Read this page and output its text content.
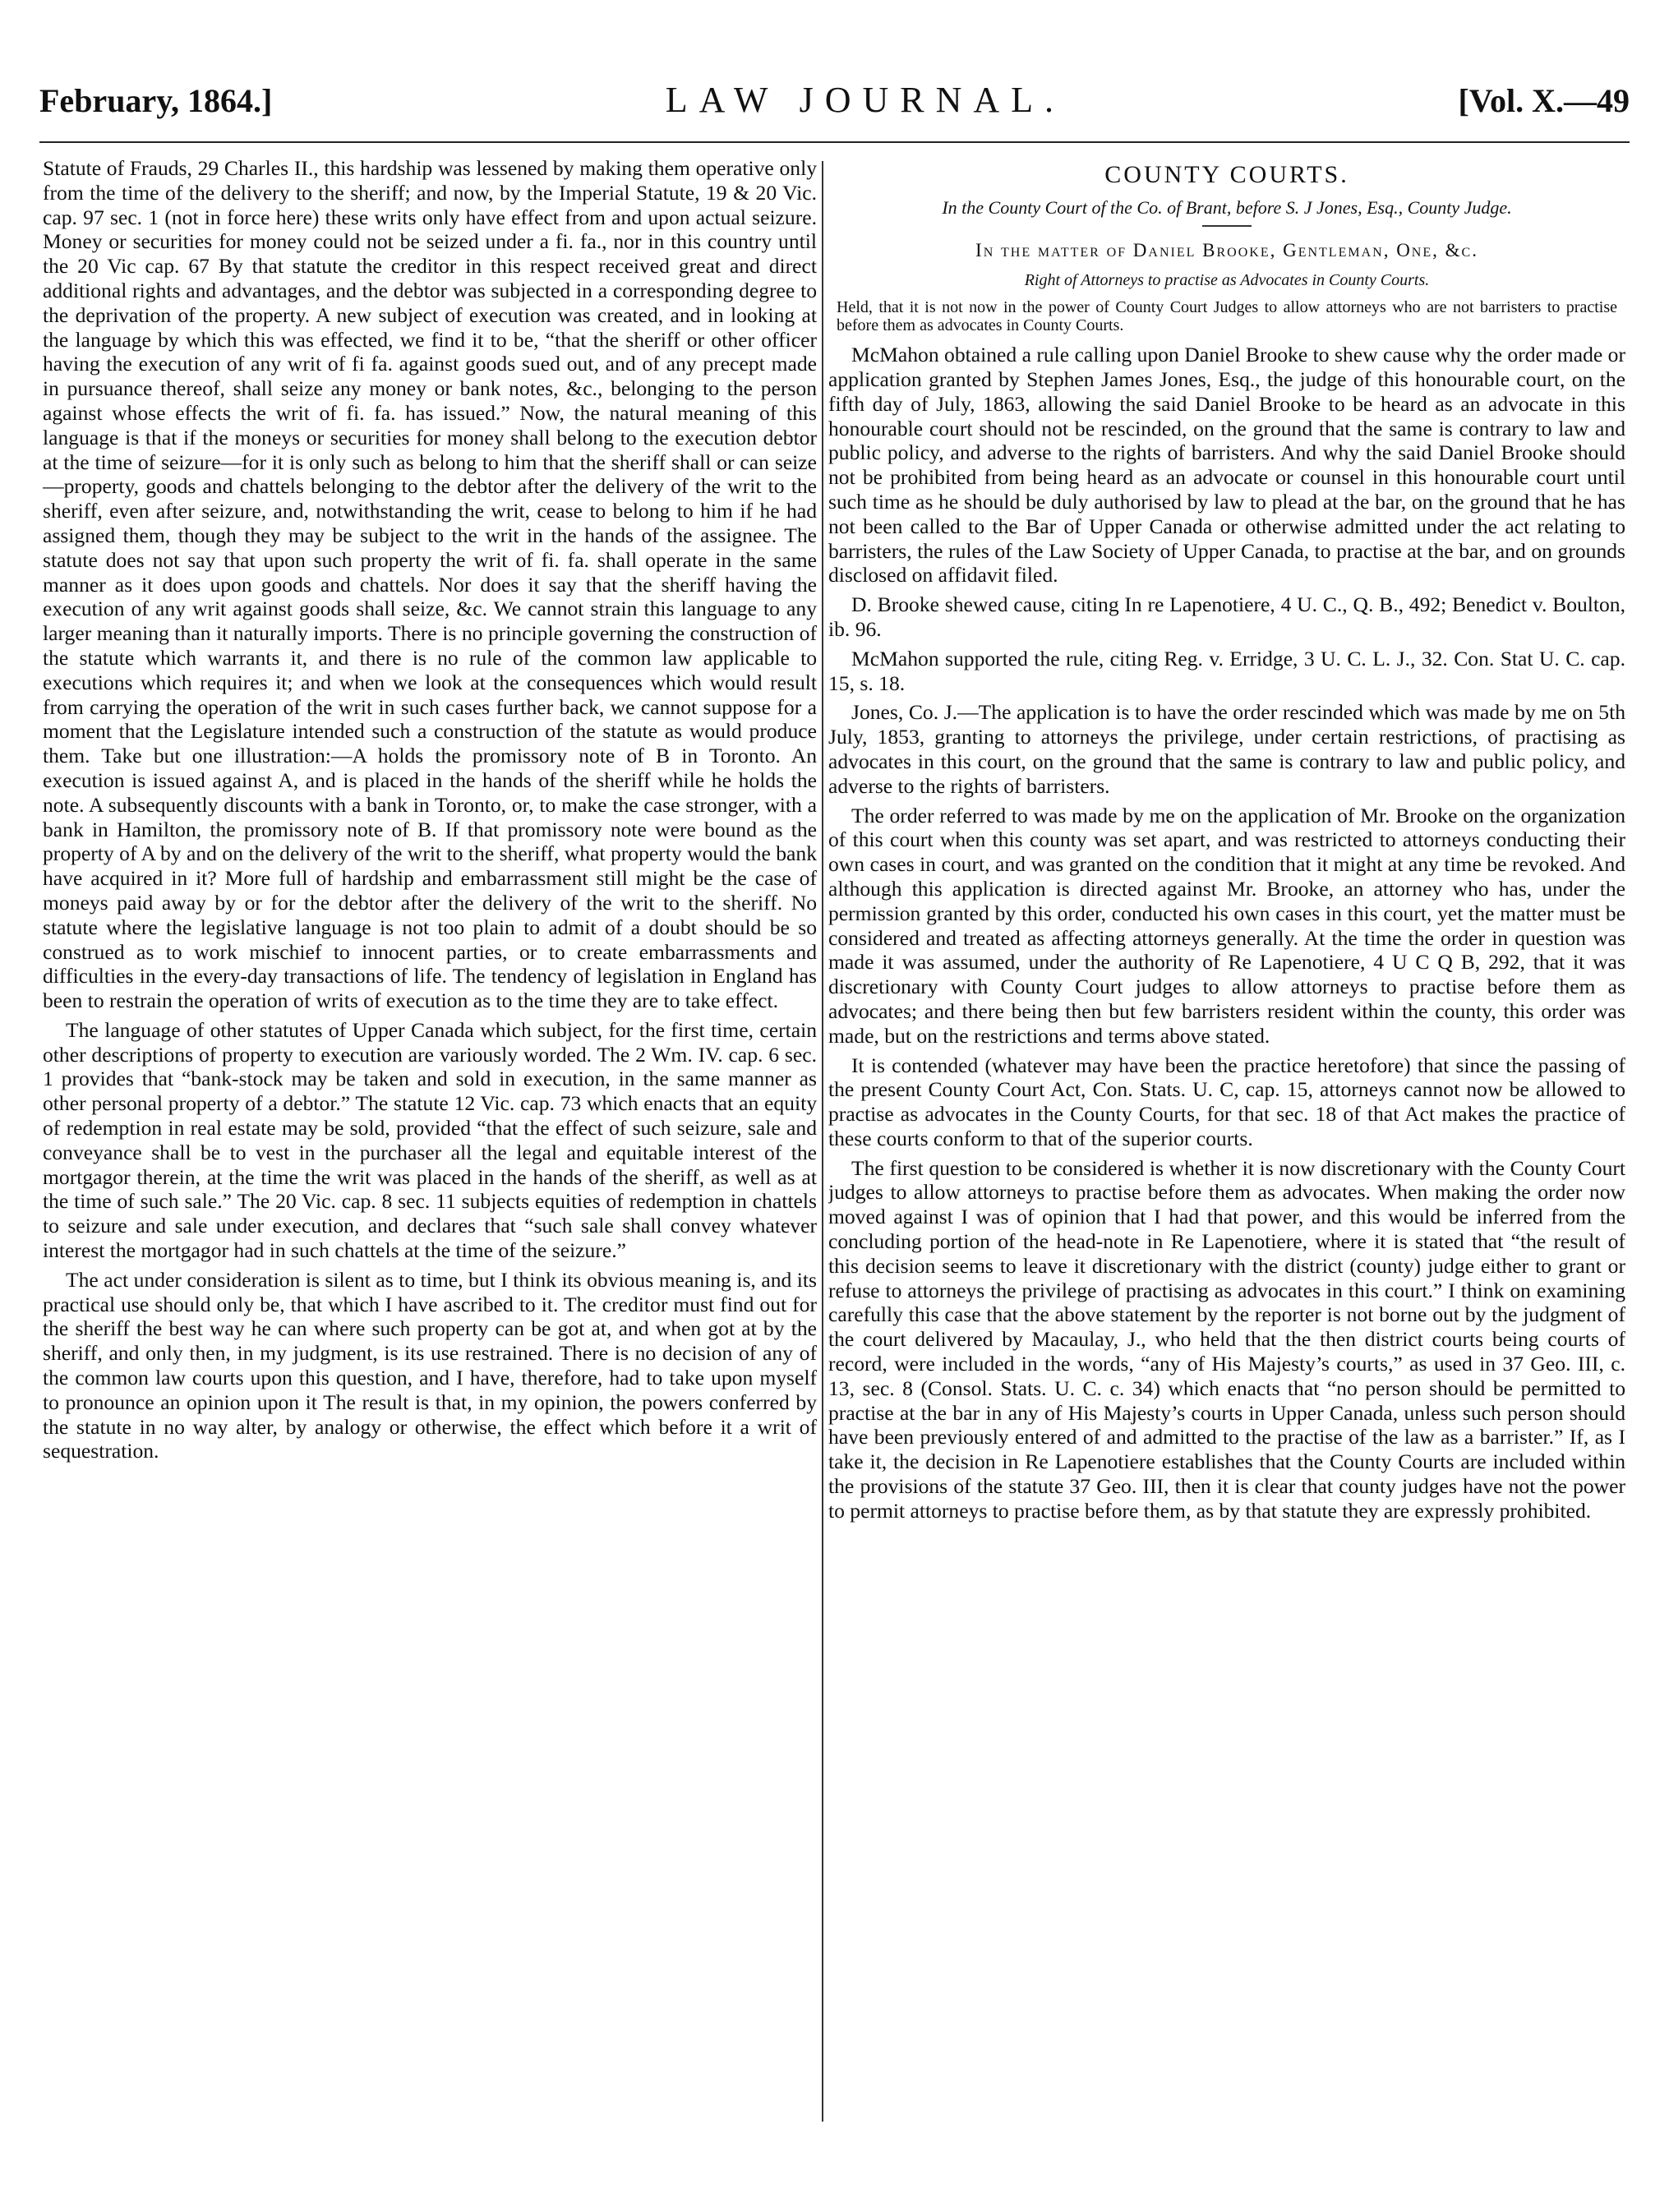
February, 1864.]	LAW JOURNAL.	[Vol. X.—49

Statute of Frauds, 29 Charles II., this hardship was lessened by making them operative only from the time of the delivery to the sheriff; and now, by the Imperial Statute, 19 & 20 Vic. cap. 97 sec. 1 (not in force here) these writs only have effect from and upon actual seizure. Money or securities for money could not be seized under a fi. fa., nor in this country until the 20 Vic cap. 67 By that statute the creditor in this respect received great and direct additional rights and advantages, and the debtor was subjected in a corresponding degree to the deprivation of the property. A new subject of execution was created, and in looking at the language by which this was effected, we find it to be, “that the sheriff or other officer having the execution of any writ of fi fa. against goods sued out, and of any precept made in pursuance thereof, shall seize any money or bank notes, &c., belonging to the person against whose effects the writ of fi. fa. has issued.” Now, the natural meaning of this language is that if the moneys or securities for money shall belong to the execution debtor at the time of seizure—for it is only such as belong to him that the sheriff shall or can seize—property, goods and chattels belonging to the debtor after the delivery of the writ to the sheriff, even after seizure, and, notwithstanding the writ, cease to belong to him if he had assigned them, though they may be subject to the writ in the hands of the assignee. The statute does not say that upon such property the writ of fi. fa. shall operate in the same manner as it does upon goods and chattels. Nor does it say that the sheriff having the execution of any writ against goods shall seize, &c. We cannot strain this language to any larger meaning than it naturally imports. There is no principle governing the construction of the statute which warrants it, and there is no rule of the common law applicable to executions which requires it; and when we look at the consequences which would result from carrying the operation of the writ in such cases further back, we cannot suppose for a moment that the Legislature intended such a construction of the statute as would produce them. Take but one illustration:—A holds the promissory note of B in Toronto. An execution is issued against A, and is placed in the hands of the sheriff while he holds the note. A subsequently discounts with a bank in Toronto, or, to make the case stronger, with a bank in Hamilton, the promissory note of B. If that promissory note were bound as the property of A by and on the delivery of the writ to the sheriff, what property would the bank have acquired in it? More full of hardship and embarrassment still might be the case of moneys paid away by or for the debtor after the delivery of the writ to the sheriff. No statute where the legislative language is not too plain to admit of a doubt should be so construed as to work mischief to innocent parties, or to create embarrassments and difficulties in the every-day transactions of life. The tendency of legislation in England has been to restrain the operation of writs of execution as to the time they are to take effect.

The language of other statutes of Upper Canada which subject, for the first time, certain other descriptions of property to execution are variously worded. The 2 Wm. IV. cap. 6 sec. 1 provides that “bank-stock may be taken and sold in execution, in the same manner as other personal property of a debtor.” The statute 12 Vic. cap. 73 which enacts that an equity of redemption in real estate may be sold, provided “that the effect of such seizure, sale and conveyance shall be to vest in the purchaser all the legal and equitable interest of the mortgagor therein, at the time the writ was placed in the hands of the sheriff, as well as at the time of such sale.” The 20 Vic. cap. 8 sec. 11 subjects equities of redemption in chattels to seizure and sale under execution, and declares that “such sale shall convey whatever interest the mortgagor had in such chattels at the time of the seizure.”

The act under consideration is silent as to time, but I think its obvious meaning is, and its practical use should only be, that which I have ascribed to it. The creditor must find out for the sheriff the best way he can where such property can be got at, and when got at by the sheriff, and only then, in my judgment, is its use restrained. There is no decision of any of the common law courts upon this question, and I have, therefore, had to take upon myself to pronounce an opinion upon it The result is that, in my opinion, the powers conferred by the statute in no way alter, by analogy or otherwise, the effect which before it a writ of sequestration.

COUNTY COURTS.
In the County Court of the Co. of Brant, before S. J Jones, Esq., County Judge.
In the matter of Daniel Brooke, Gentleman, One, &c.
Right of Attorneys to practise as Advocates in County Courts.
Held, that it is not now in the power of County Court Judges to allow attorneys who are not barristers to practise before them as advocates in County Courts.

McMahon obtained a rule calling upon Daniel Brooke to shew cause why the order made or application granted by Stephen James Jones, Esq., the judge of this honourable court, on the fifth day of July, 1863, allowing the said Daniel Brooke to be heard as an advocate in this honourable court should not be rescinded, on the ground that the same is contrary to law and public policy, and adverse to the rights of barristers. And why the said Daniel Brooke should not be prohibited from being heard as an advocate or counsel in this honourable court until such time as he should be duly authorised by law to plead at the bar, on the ground that he has not been called to the Bar of Upper Canada or otherwise admitted under the act relating to barristers, the rules of the Law Society of Upper Canada, to practise at the bar, and on grounds disclosed on affidavit filed.

D. Brooke shewed cause, citing In re Lapenotiere, 4 U. C., Q. B., 492; Benedict v. Boulton, ib. 96.

McMahon supported the rule, citing Reg. v. Erridge, 3 U. C. L. J., 32. Con. Stat U. C. cap. 15, s. 18.

Jones, Co. J.—The application is to have the order rescinded which was made by me on 5th July, 1853, granting to attorneys the privilege, under certain restrictions, of practising as advocates in this court, on the ground that the same is contrary to law and public policy, and adverse to the rights of barristers.

The order referred to was made by me on the application of Mr. Brooke on the organization of this court when this county was set apart, and was restricted to attorneys conducting their own cases in court, and was granted on the condition that it might at any time be revoked. And although this application is directed against Mr. Brooke, an attorney who has, under the permission granted by this order, conducted his own cases in this court, yet the matter must be considered and treated as affecting attorneys generally. At the time the order in question was made it was assumed, under the authority of Re Lapenotiere, 4 U C Q B, 292, that it was discretionary with County Court judges to allow attorneys to practise before them as advocates; and there being then but few barristers resident within the county, this order was made, but on the restrictions and terms above stated.

It is contended (whatever may have been the practice heretofore) that since the passing of the present County Court Act, Con. Stats. U. C, cap. 15, attorneys cannot now be allowed to practise as advocates in the County Courts, for that sec. 18 of that Act makes the practice of these courts conform to that of the superior courts.

The first question to be considered is whether it is now discretionary with the County Court judges to allow attorneys to practise before them as advocates. When making the order now moved against I was of opinion that I had that power, and this would be inferred from the concluding portion of the head-note in Re Lapenotiere, where it is stated that “the result of this decision seems to leave it discretionary with the district (county) judge either to grant or refuse to attorneys the privilege of practising as advocates in this court.” I think on examining carefully this case that the above statement by the reporter is not borne out by the judgment of the court delivered by Macaulay, J., who held that the then district courts being courts of record, were included in the words, “any of His Majesty’s courts,” as used in 37 Geo. III, c. 13, sec. 8 (Consol. Stats. U. C. c. 34) which enacts that “no person should be permitted to practise at the bar in any of His Majesty’s courts in Upper Canada, unless such person should have been previously entered of and admitted to the practise of the law as a barrister.” If, as I take it, the decision in Re Lapenotiere establishes that the County Courts are included within the provisions of the statute 37 Geo. III, then it is clear that county judges have not the power to permit attorneys to practise before them, as by that statute they are expressly prohibited.
